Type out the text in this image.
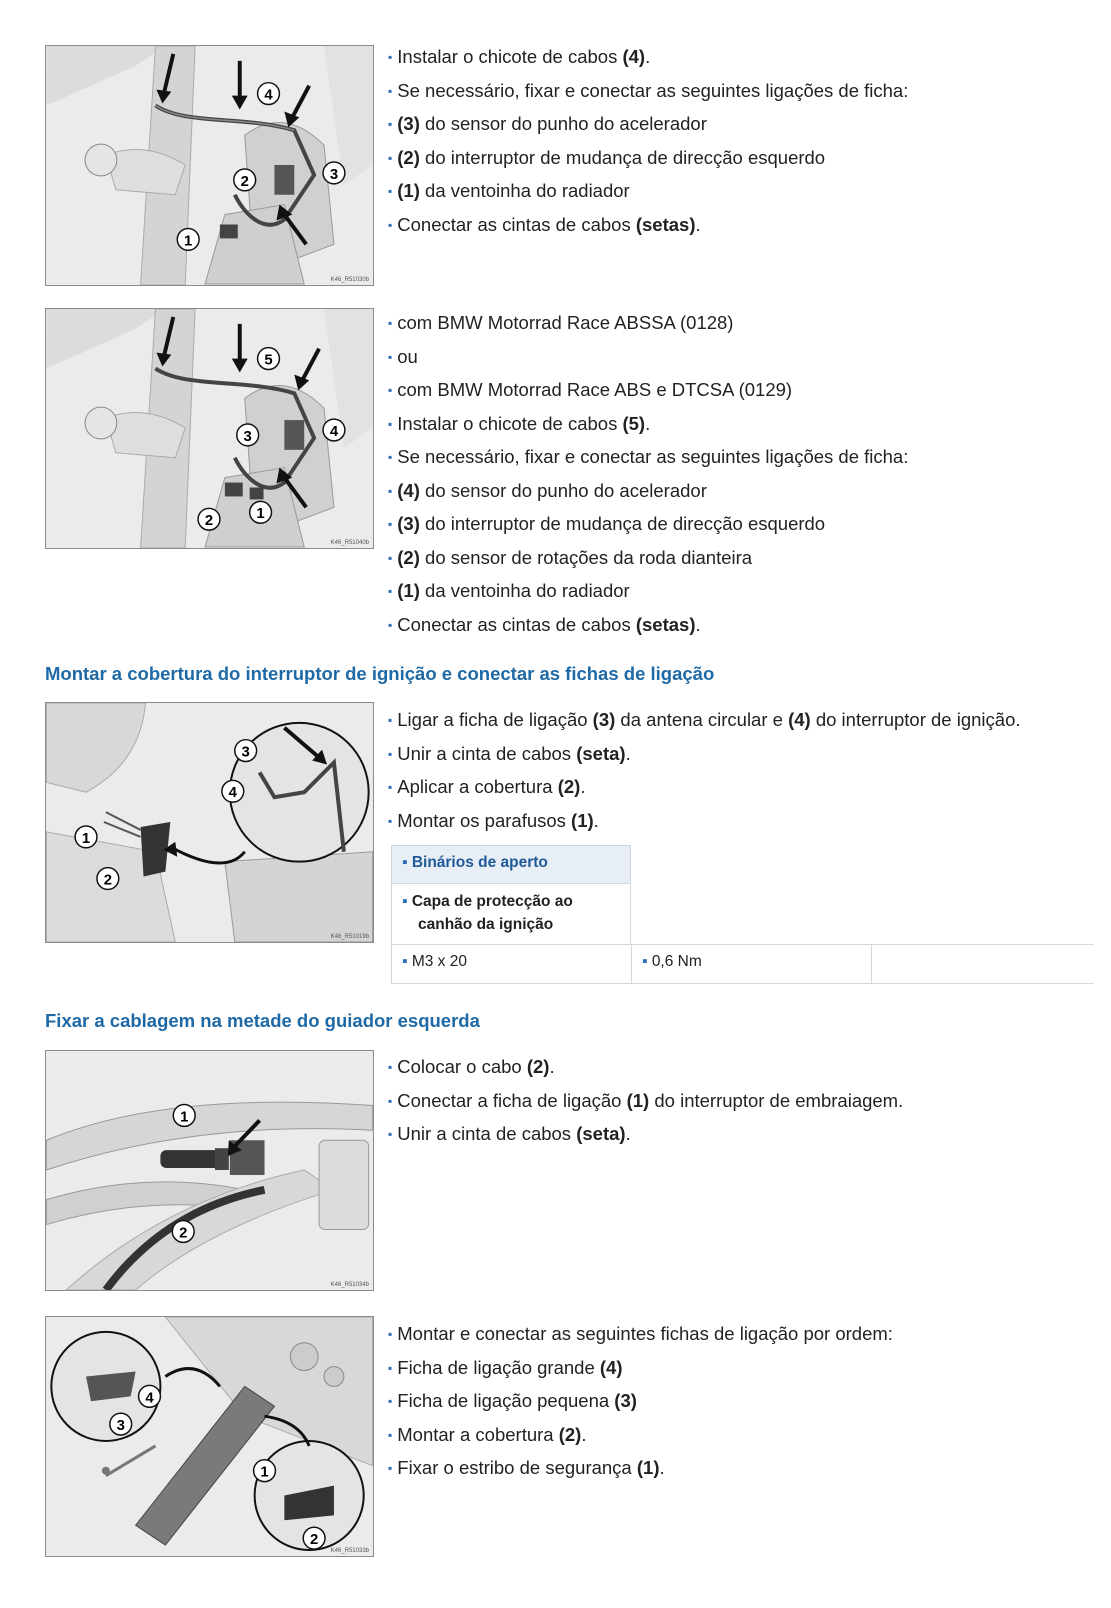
4
3
2
1
K46_R51030b
▪ Instalar o chicote de cabos (4).
▪ Se necessário, fixar e conectar as seguintes ligações de ficha:
▪ (3) do sensor do punho do acelerador
▪ (2) do interruptor de mudança de direcção esquerdo
▪ (1) da ventoinha do radiador
▪ Conectar as cintas de cabos (setas).
5
4
3
2	1
K46_R51040b
▪ com BMW Motorrad Race ABSSA (0128)
▪ ou
▪ com BMW Motorrad Race ABS e DTCSA (0129)
▪ Instalar o chicote de cabos (5).
▪ Se necessário, fixar e conectar as seguintes ligações de ficha:
▪ (4) do sensor do punho do acelerador
▪ (3) do interruptor de mudança de direcção esquerdo
▪ (2) do sensor de rotações da roda dianteira
▪ (1) da ventoinha do radiador
▪ Conectar as cintas de cabos (setas).
Montar a cobertura do interruptor de ignição e conectar as fichas de ligação
3
4
1
2
K46_R51019b
▪ Ligar a ficha de ligação (3) da antena circular e (4) do interruptor de ignição.
▪ Unir a cinta de cabos (seta).
▪ Aplicar a cobertura (2).
▪ Montar os parafusos (1).
▪ Binários de aperto
▪ Capa de protecção ao
canhão da ignição
▪ M3 x 20
▪	0,6 Nm
Fixar a cablagem na metade do guiador esquerda
1
2
K46_R51034b
▪ Colocar o cabo (2).
▪ Conectar a ficha de ligação (1) do interruptor de embraiagem.
▪ Unir a cinta de cabos (seta).
4
3
1
2
K46_R51033b
▪ Montar e conectar as seguintes fichas de ligação por ordem:
▪ Ficha de ligação grande (4)
▪ Ficha de ligação pequena (3)
▪ Montar a cobertura (2).
▪ Fixar o estribo de segurança (1).
